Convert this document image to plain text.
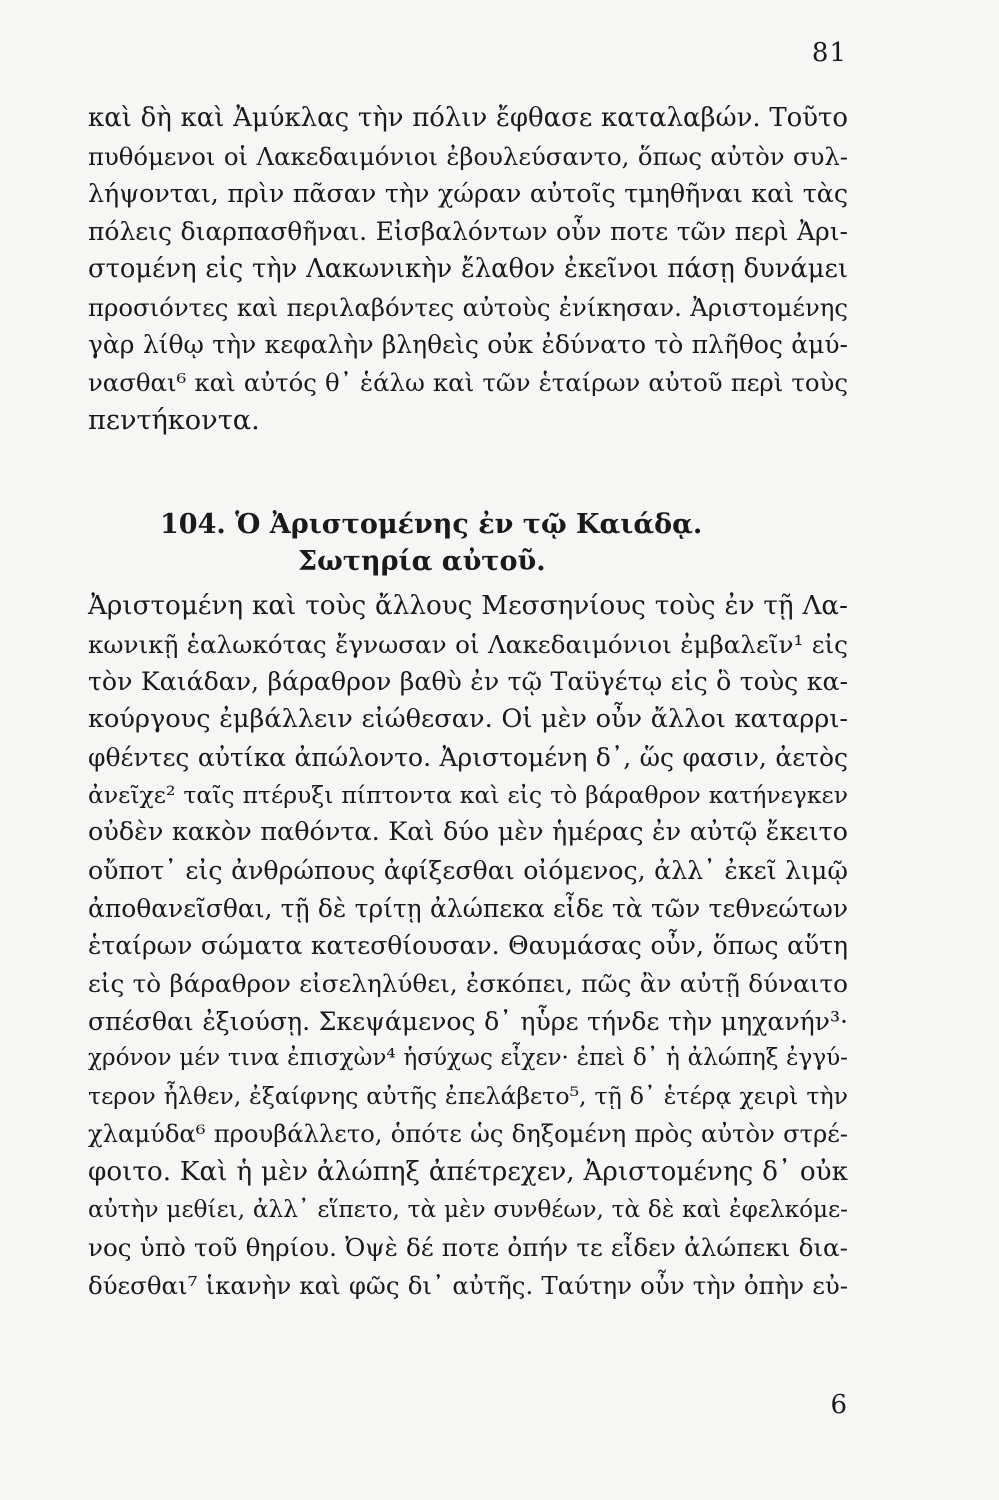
81
καὶ δὴ καὶ Ἀμύκλας τὴν πόλιν ἔφθασε καταλαβών. Τοῦτο
πυθόμενοι οἱ Λακεδαιμόνιοι ἐβουλεύσαντο, ὅπως αὐτὸν συλ-
λήψονται, πρὶν πᾶσαν τὴν χώραν αὐτοῖς τμηθῆναι καὶ τὰς
πόλεις διαρπασθῆναι. Εἰσβαλόντων οὖν ποτε τῶν περὶ Ἀρι-
στομένη εἰς τὴν Λακωνικὴν ἔλαθον ἐκεῖνοι πάσῃ δυνάμει
προσιόντες καὶ περιλαβόντες αὐτοὺς ἐνίκησαν. Ἀριστομένης
γὰρ λίθῳ τὴν κεφαλὴν βληθεὶς οὐκ ἐδύνατο τὸ πλῆθος ἀμύ-
νασθαι⁶ καὶ αὐτός θ᾽ ἑάλω καὶ τῶν ἑταίρων αὐτοῦ περὶ τοὺς
πεντήκοντα.
104. Ὁ Ἀριστομένης ἐν τῷ Καιάδᾳ.
Σωτηρία αὐτοῦ.
Ἀριστομένη καὶ τοὺς ἄλλους Μεσσηνίους τοὺς ἐν τῇ Λα-
κωνικῇ ἑαλωκότας ἔγνωσαν οἱ Λακεδαιμόνιοι ἐμβαλεῖν¹ εἰς
τὸν Καιάδαν, βάραθρον βαθὺ ἐν τῷ Ταϋγέτῳ εἰς ὃ τοὺς κα-
κούργους ἐμβάλλειν εἰώθεσαν. Οἱ μὲν οὖν ἄλλοι καταρρι-
φθέντες αὐτίκα ἀπώλοντο. Ἀριστομένη δ᾽, ὥς φασιν, ἀετὸς
ἀνεῖχε² ταῖς πτέρυξι πίπτοντα καὶ εἰς τὸ βάραθρον κατήνεγκεν
οὐδὲν κακὸν παθόντα. Καὶ δύο μὲν ἡμέρας ἐν αὐτῷ ἔκειτο
οὔποτ᾽ εἰς ἀνθρώπους ἀφίξεσθαι οἰόμενος, ἀλλ᾽ ἐκεῖ λιμῷ
ἀποθανεῖσθαι, τῇ δὲ τρίτῃ ἀλώπεκα εἶδε τὰ τῶν τεθνεώτων
ἑταίρων σώματα κατεσθίουσαν. Θαυμάσας οὖν, ὅπως αὕτη
εἰς τὸ βάραθρον εἰσεληλύθει, ἐσκόπει, πῶς ἂν αὐτῇ δύναιτο
σπέσθαι ἐξιούσῃ. Σκεψάμενος δ᾽ ηὗρε τήνδε τὴν μηχανήν³·
χρόνον μέν τινα ἐπισχὼν⁴ ἡσύχως εἶχεν· ἐπεὶ δ᾽ ἡ ἀλώπηξ ἐγγύ-
τερον ἦλθεν, ἐξαίφνης αὐτῆς ἐπελάβετο⁵, τῇ δ᾽ ἑτέρᾳ χειρὶ τὴν
χλαμύδα⁶ προυβάλλετο, ὁπότε ὡς δηξομένη πρὸς αὐτὸν στρέ-
φοιτο. Καὶ ἡ μὲν ἀλώπηξ ἀπέτρεχεν, Ἀριστομένης δ᾽ οὐκ
αὐτὴν μεθίει, ἀλλ᾽ εἵπετο, τὰ μὲν συνθέων, τὰ δὲ καὶ ἐφελκόμε-
νος ὑπὸ τοῦ θηρίου. Ὀψὲ δέ ποτε ὀπήν τε εἶδεν ἀλώπεκι δια-
δύεσθαι⁷ ἱκανὴν καὶ φῶς δι᾽ αὐτῆς. Ταύτην οὖν τὴν ὀπὴν εὐ-
6
